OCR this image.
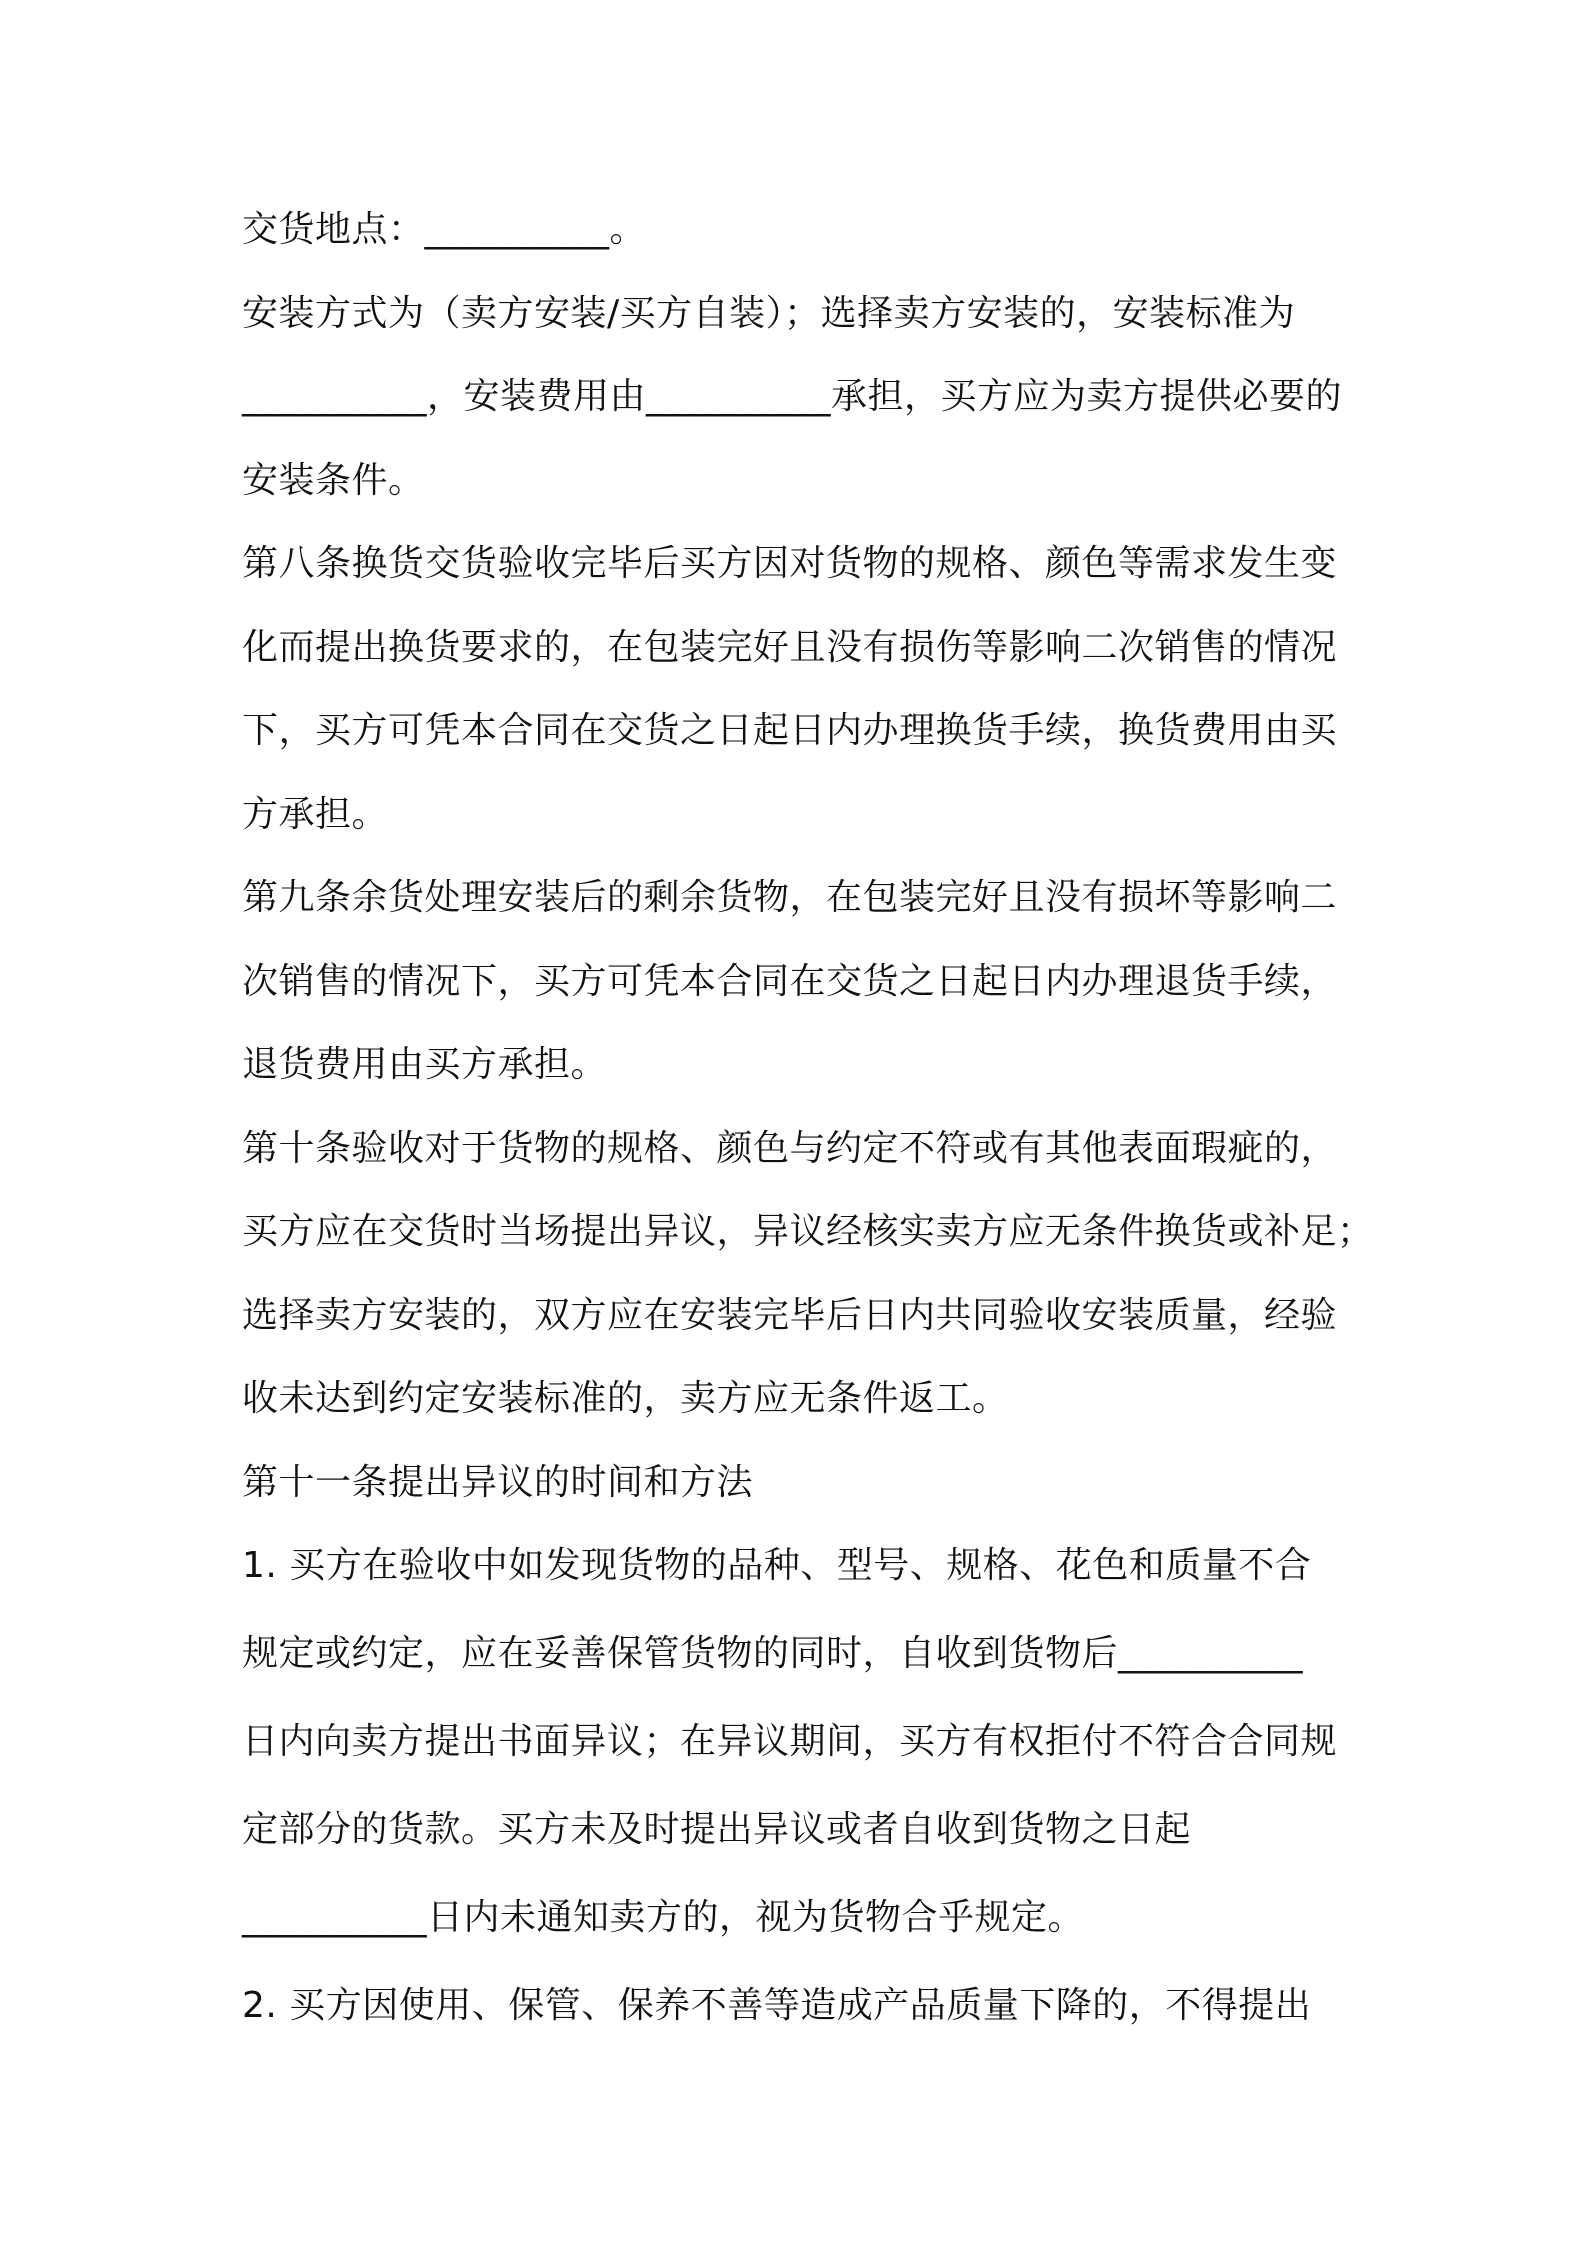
交货地点：__________。
安装方式为（卖方安装/买方自装）；选择卖方安装的，安装标准为
__________，安装费用由__________承担，买方应为卖方提供必要的
安装条件。
第八条换货交货验收完毕后买方因对货物的规格、颜色等需求发生变
化而提出换货要求的，在包装完好且没有损伤等影响二次销售的情况
下，买方可凭本合同在交货之日起日内办理换货手续，换货费用由买
方承担。
第九条余货处理安装后的剩余货物，在包装完好且没有损坏等影响二
次销售的情况下，买方可凭本合同在交货之日起日内办理退货手续，
退货费用由买方承担。
第十条验收对于货物的规格、颜色与约定不符或有其他表面瑕疵的，
买方应在交货时当场提出异议，异议经核实卖方应无条件换货或补足；
选择卖方安装的，双方应在安装完毕后日内共同验收安装质量，经验
收未达到约定安装标准的，卖方应无条件返工。
第十一条提出异议的时间和方法
1. 买方在验收中如发现货物的品种、型号、规格、花色和质量不合
规定或约定，应在妥善保管货物的同时，自收到货物后__________
日内向卖方提出书面异议；在异议期间，买方有权拒付不符合合同规
定部分的货款。买方未及时提出异议或者自收到货物之日起
__________日内未通知卖方的，视为货物合乎规定。
2. 买方因使用、保管、保养不善等造成产品质量下降的，不得提出
